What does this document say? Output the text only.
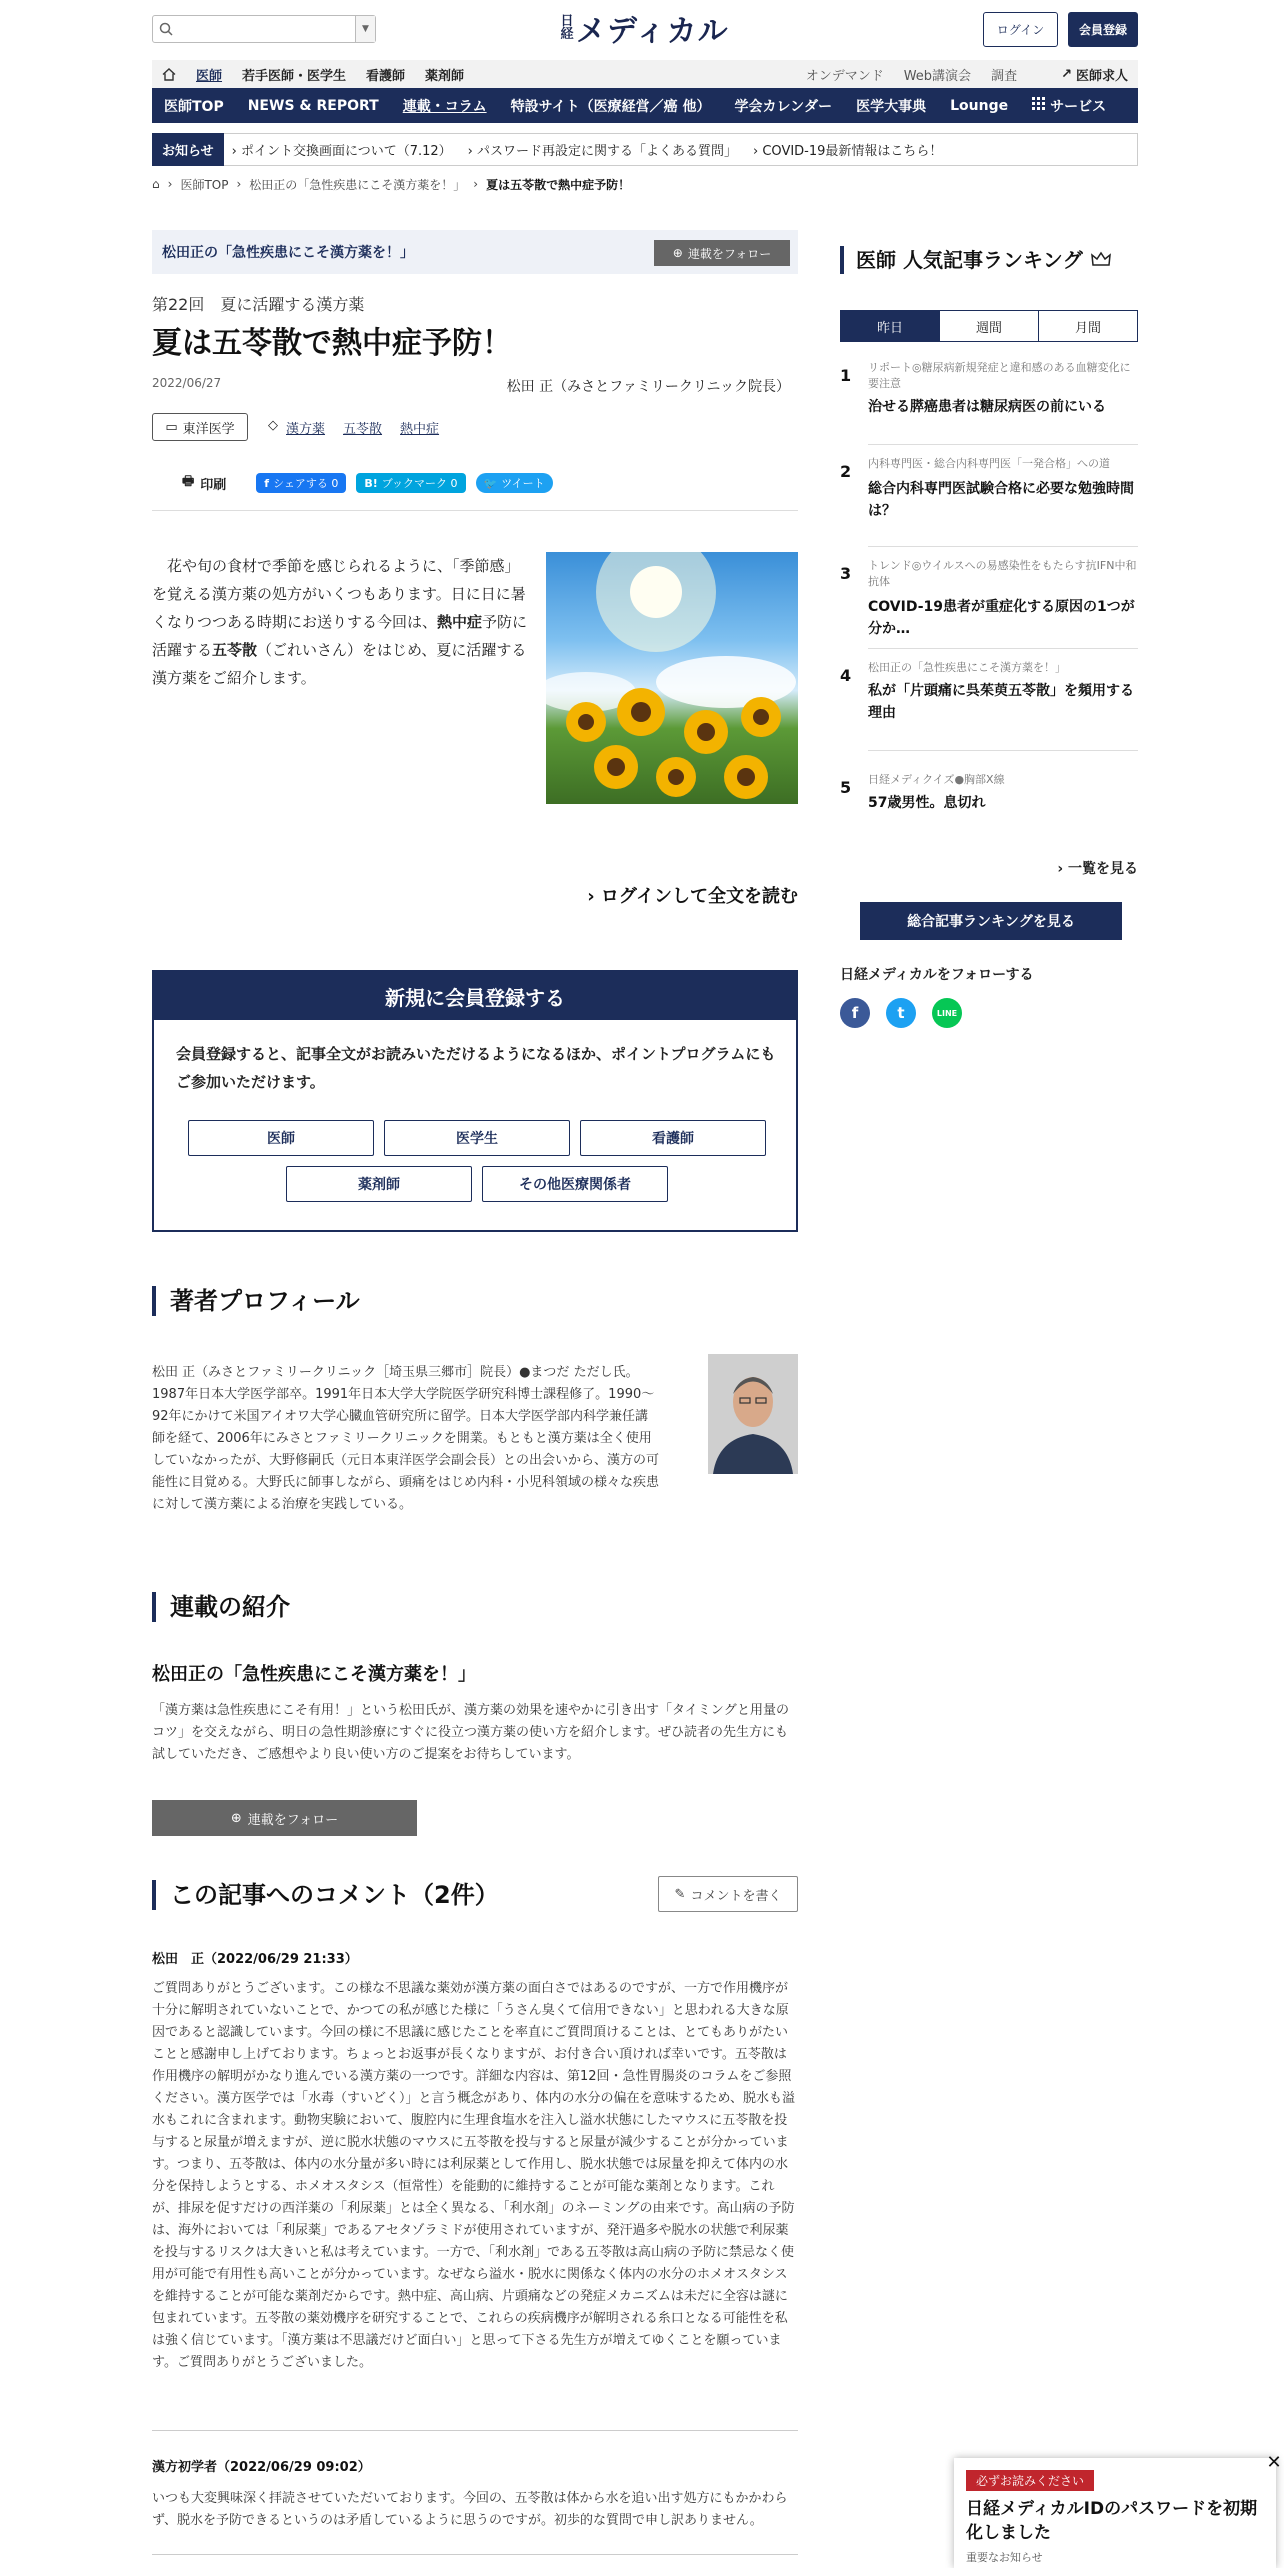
▼	日経 メディカル	ログイン	会員登録
医師	若手医師・医学生	看護師	薬剤師	オンデマンド	Web講演会	調査	↗ 医師求人
医師TOP	NEWS & REPORT	連載・コラム	特設サイト（医療経営／癌 他）	学会カレンダー	医学大事典	Lounge	サービス
お知らせ	› ポイント交換画面について（7.12）	› パスワード再設定に関する「よくある質問」	› COVID-19最新情報はこちら！
⌂ › 医師TOP › 松田正の「急性疾患にこそ漢方薬を！」 › 夏は五苓散で熱中症予防！
松田正の「急性疾患にこそ漢方薬を！」	⊕ 連載をフォロー
第22回　夏に活躍する漢方薬
夏は五苓散で熱中症予防！
2022/06/27	松田 正（みさとファミリークリニック院長）
▭ 東洋医学	◇ 漢方薬 五苓散 熱中症
🖶 印刷	f シェアする 0 B! ブックマーク 0 🐦 ツイート

　花や旬の食材で季節を感じられるように、「季節感」を覚える漢方薬の処方がいくつもあります。日に日に暑くなりつつある時期にお送りする今回は、熱中症予防に活躍する五苓散（ごれいさん）をはじめ、夏に活躍する漢方薬をご紹介します。

› ログインして全文を読む
新規に会員登録する
会員登録すると、記事全文がお読みいただけるようになるほか、ポイントプログラムにもご参加いただけます。
医師	医学生	看護師
薬剤師	その他医療関係者
著者プロフィール

松田 正（みさとファミリークリニック［埼玉県三郷市］院長）●まつだ ただし氏。1987年日本大学医学部卒。1991年日本大学大学院医学研究科博士課程修了。1990～92年にかけて米国アイオワ大学心臓血管研究所に留学。日本大学医学部内科学兼任講師を経て、2006年にみさとファミリークリニックを開業。もともと漢方薬は全く使用していなかったが、大野修嗣氏（元日本東洋医学会副会長）との出会いから、漢方の可能性に目覚める。大野氏に師事しながら、頭痛をはじめ内科・小児科領域の様々な疾患に対して漢方薬による治療を実践している。

連載の紹介
松田正の「急性疾患にこそ漢方薬を！」

「漢方薬は急性疾患にこそ有用！」という松田氏が、漢方薬の効果を速やかに引き出す「タイミングと用量のコツ」を交えながら、明日の急性期診療にすぐに役立つ漢方薬の使い方を紹介します。ぜひ読者の先生方にも試していただき、ご感想やより良い使い方のご提案をお待ちしています。

⊕ 連載をフォロー
この記事へのコメント（2件）	✎ コメントを書く
松田　正（2022/06/29 21:33）

ご質問ありがとうございます。この様な不思議な薬効が漢方薬の面白さではあるのですが、一方で作用機序が十分に解明されていないことで、かつての私が感じた様に「うさん臭くて信用できない」と思われる大きな原因であると認識しています。今回の様に不思議に感じたことを率直にご質問頂けることは、とてもありがたいことと感謝申し上げております。ちょっとお返事が長くなりますが、お付き合い頂ければ幸いです。五苓散は作用機序の解明がかなり進んでいる漢方薬の一つです。詳細な内容は、第12回・急性胃腸炎のコラムをご参照ください。漢方医学では「水毒（すいどく）」と言う概念があり、体内の水分の偏在を意味するため、脱水も溢水もこれに含まれます。動物実験において、腹腔内に生理食塩水を注入し溢水状態にしたマウスに五苓散を投与すると尿量が増えますが、逆に脱水状態のマウスに五苓散を投与すると尿量が減少することが分かっています。つまり、五苓散は、体内の水分量が多い時には利尿薬として作用し、脱水状態では尿量を抑えて体内の水分を保持しようとする、ホメオスタシス（恒常性）を能動的に維持することが可能な薬剤となります。これが、排尿を促すだけの西洋薬の「利尿薬」とは全く異なる、「利水剤」のネーミングの由来です。高山病の予防は、海外においては「利尿薬」であるアセタゾラミドが使用されていますが、発汗過多や脱水の状態で利尿薬を投与するリスクは大きいと私は考えています。一方で、「利水剤」である五苓散は高山病の予防に禁忌なく使用が可能で有用性も高いことが分かっています。なぜなら溢水・脱水に関係なく体内の水分のホメオスタシスを維持することが可能な薬剤だからです。熱中症、高山病、片頭痛などの発症メカニズムは未だに全容は謎に包まれています。五苓散の薬効機序を研究することで、これらの疾病機序が解明される糸口となる可能性を私は強く信じています。「漢方薬は不思議だけど面白い」と思って下さる先生方が増えてゆくことを願っています。ご質問ありがとうございました。

漢方初学者（2022/06/29 09:02）

いつも大変興味深く拝読させていただいております。今回の、五苓散は体から水を追い出す処方にもかかわらず、脱水を予防できるというのは矛盾しているように思うのですが。初歩的な質問で申し訳ありません。

医師 人気記事ランキング
昨日	週間	月間
1 リポート◎糖尿病新規発症と違和感のある血糖変化に要注意
治せる膵癌患者は糖尿病医の前にいる
2 内科専門医・総合内科専門医「一発合格」への道
総合内科専門医試験合格に必要な勉強時間は？
3 トレンド◎ウイルスへの易感染性をもたらす抗IFN中和抗体
COVID-19患者が重症化する原因の1つが分か…
4 松田正の「急性疾患にこそ漢方薬を！」
私が「片頭痛に呉茱萸五苓散」を頻用する理由
5 日経メディクイズ●胸部X線
57歳男性。息切れ
› 一覧を見る
総合記事ランキングを見る
日経メディカルをフォローする
f	t	LINE
必ずお読みください
日経メディカルIDのパスワードを初期化しました
重要なお知らせ
✕
